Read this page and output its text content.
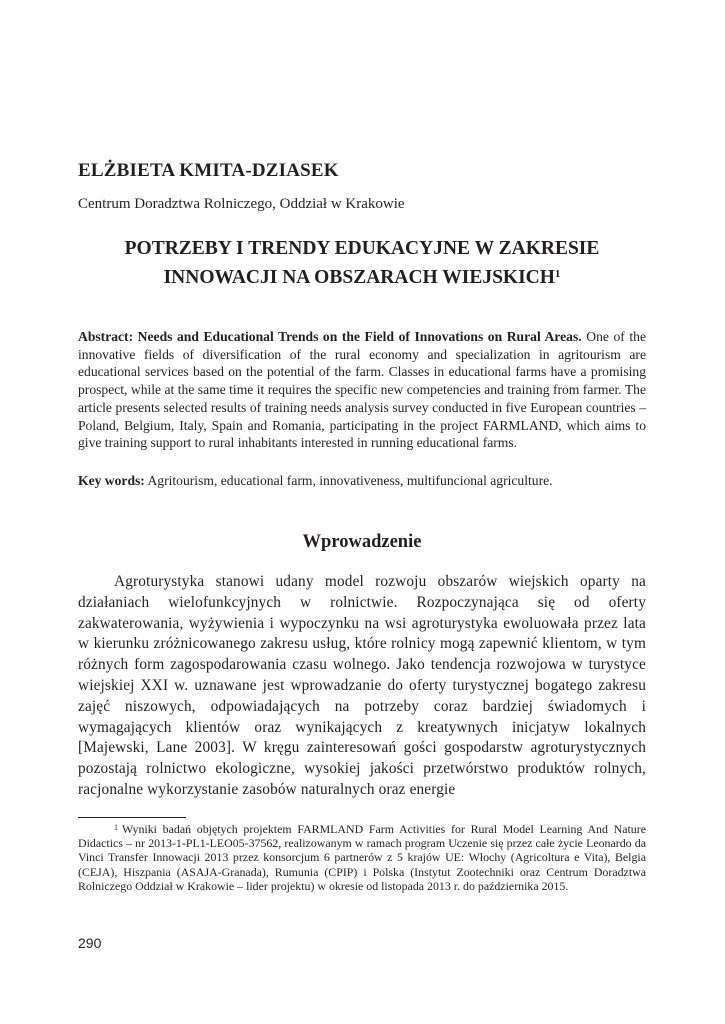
ELŻBIETA KMITA-DZIASEK

Centrum Doradztwa Rolniczego, Oddział w Krakowie

POTRZEBY I TRENDY EDUKACYJNE W ZAKRESIE
INNOWACJI NA OBSZARACH WIEJSKICH$^1$

Abstract: Needs and Educational Trends on the Field of Innovations on Rural Areas. One of the innovative fields of diversification of the rural economy and specialization in agritourism are educational services based on the potential of the farm. Classes in educational farms have a promising prospect, while at the same time it requires the specific new competencies and training from farmer. The article presents selected results of training needs analysis survey conducted in five European countries – Poland, Belgium, Italy, Spain and Romania, participating in the project FARMLAND, which aims to give training support to rural inhabitants interested in running educational farms.

Key words: Agritourism, educational farm, innovativeness, multifuncional agriculture.

Wprowadzenie

Agroturystyka stanowi udany model rozwoju obszarów wiejskich oparty na działaniach wielofunkcyjnych w rolnictwie. Rozpoczynająca się od oferty zakwaterowania, wyżywienia i wypoczynku na wsi agroturystyka ewoluowała przez lata w kierunku zróżnicowanego zakresu usług, które rolnicy mogą zapewnić klientom, w tym różnych form zagospodarowania czasu wolnego. Jako tendencja rozwojowa w turystyce wiejskiej XXI w. uznawane jest wprowadzanie do oferty turystycznej bogatego zakresu zajęć niszowych, odpowiadających na potrzeby coraz bardziej świadomych i wymagających klientów oraz wynikających z kreatywnych inicjatyw lokalnych [Majewski, Lane 2003]. W kręgu zainteresowań gości gospodarstw agroturystycznych pozostają rolnictwo ekologiczne, wysokiej jakości przetwórstwo produktów rolnych, racjonalne wykorzystanie zasobów naturalnych oraz energie

$^1$ Wyniki badań objętych projektem FARMLAND Farm Activities for Rural Model Learning And Nature Didactics – nr 2013-1-PL1-LEO05-37562, realizowanym w ramach program Uczenie się przez całe życie Leonardo da Vinci Transfer Innowacji 2013 przez konsorcjum 6 partnerów z 5 krajów UE: Włochy (Agricoltura e Vita), Belgia (CEJA), Hiszpania (ASAJA-Granada), Rumunia (CPIP) i Polska (Instytut Zootechniki oraz Centrum Doradztwa Rolniczego Oddział w Krakowie – lider projektu) w okresie od listopada 2013 r. do października 2015.

290
